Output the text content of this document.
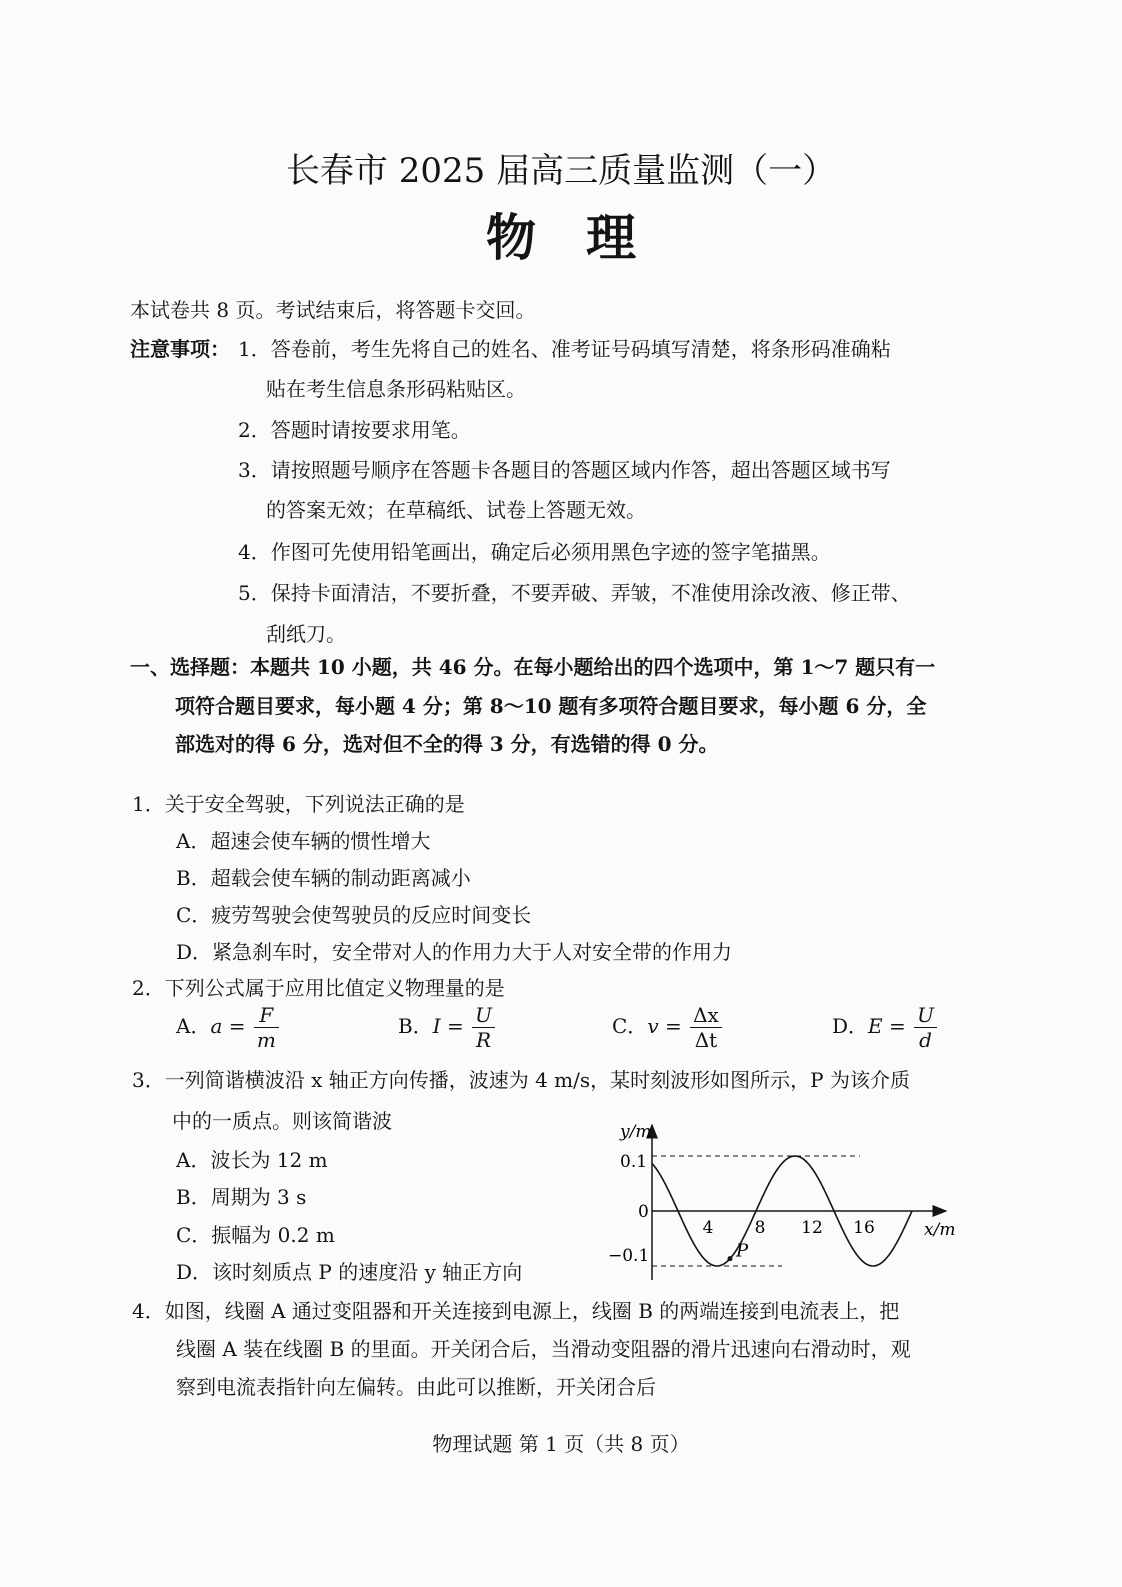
长春市 2025 届高三质量监测（一）
物　理
本试卷共 8 页。考试结束后，将答题卡交回。
注意事项： 1．答卷前，考生先将自己的姓名、准考证号码填写清楚，将条形码准确粘
贴在考生信息条形码粘贴区。
2．答题时请按要求用笔。
3．请按照题号顺序在答题卡各题目的答题区域内作答，超出答题区域书写
的答案无效；在草稿纸、试卷上答题无效。
4．作图可先使用铅笔画出，确定后必须用黑色字迹的签字笔描黑。
5．保持卡面清洁，不要折叠，不要弄破、弄皱，不准使用涂改液、修正带、
刮纸刀。
一、选择题：本题共 10 小题，共 46 分。在每小题给出的四个选项中，第 1～7 题只有一
项符合题目要求，每小题 4 分；第 8～10 题有多项符合题目要求，每小题 6 分，全
部选对的得 6 分，选对但不全的得 3 分，有选错的得 0 分。
1．关于安全驾驶，下列说法正确的是
A．超速会使车辆的惯性增大
B．超载会使车辆的制动距离减小
C．疲劳驾驶会使驾驶员的反应时间变长
D．紧急刹车时，安全带对人的作用力大于人对安全带的作用力
2．下列公式属于应用比值定义物理量的是
A．$a = \frac{F}{m}$	B．$I = \frac{U}{R}$	C．$v = \frac{\Delta x}{\Delta t}$	D．$E = \frac{U}{d}$
3．一列简谐横波沿 x 轴正方向传播，波速为 4 m/s，某时刻波形如图所示，P 为该介质
中的一质点。则该简谐波
A．波长为 12 m
B．周期为 3 s
C．振幅为 0.2 m
D．该时刻质点 P 的速度沿 y 轴正方向
y/m
x/m
0
0.1
−0.1
4 8 12 16
P
4．如图，线圈 A 通过变阻器和开关连接到电源上，线圈 B 的两端连接到电流表上，把
线圈 A 装在线圈 B 的里面。开关闭合后，当滑动变阻器的滑片迅速向右滑动时，观
察到电流表指针向左偏转。由此可以推断，开关闭合后
物理试题 第 1 页（共 8 页）
